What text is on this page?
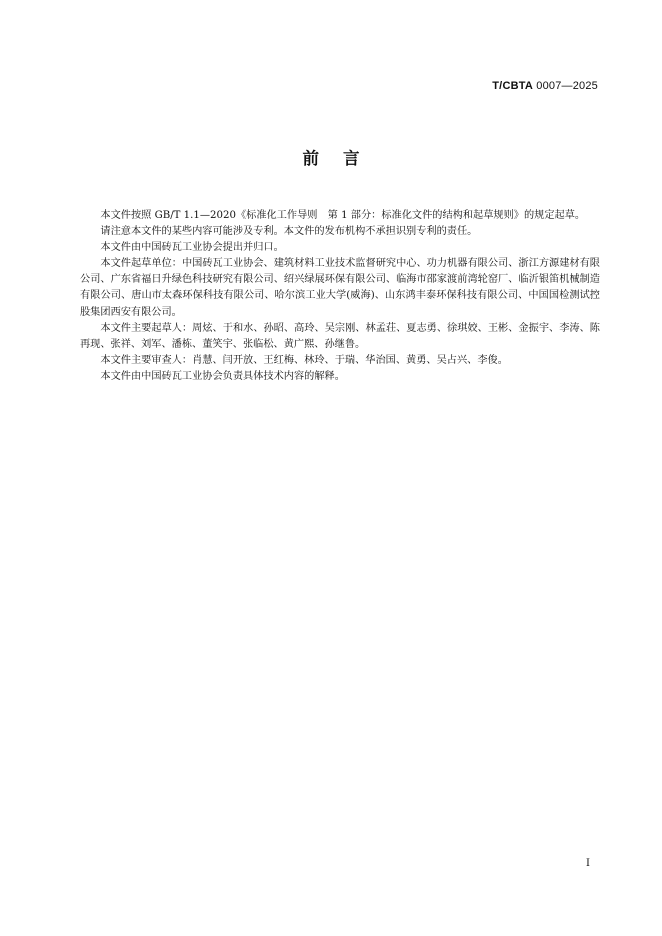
T/CBTA 0007—2025
前言

本文件按照 GB/T 1.1—2020《标准化工作导则　第 1 部分：标准化文件的结构和起草规则》的规定起草。

请注意本文件的某些内容可能涉及专利。本文件的发布机构不承担识别专利的责任。

本文件由中国砖瓦工业协会提出并归口。

本文件起草单位：中国砖瓦工业协会、建筑材料工业技术监督研究中心、功力机器有限公司、浙江方源建材有限公司、广东省福日升绿色科技研究有限公司、绍兴绿展环保有限公司、临海市邵家渡前湾轮窑厂、临沂银笛机械制造有限公司、唐山市太森环保科技有限公司、哈尔滨工业大学(威海)、山东鸿丰泰环保科技有限公司、中国国检测试控股集团西安有限公司。

本文件主要起草人：周炫、于和水、孙昭、高玲、吴宗刚、林孟荘、夏志勇、徐琪姣、王彬、金振宇、李涛、陈再现、张祥、刘军、潘栋、董笑宇、张临松、黄广熙、孙继鲁。

本文件主要审查人：肖慧、闫开放、王红梅、林玲、于瑞、华治国、黄勇、吴占兴、李俊。

本文件由中国砖瓦工业协会负责具体技术内容的解释。

I
